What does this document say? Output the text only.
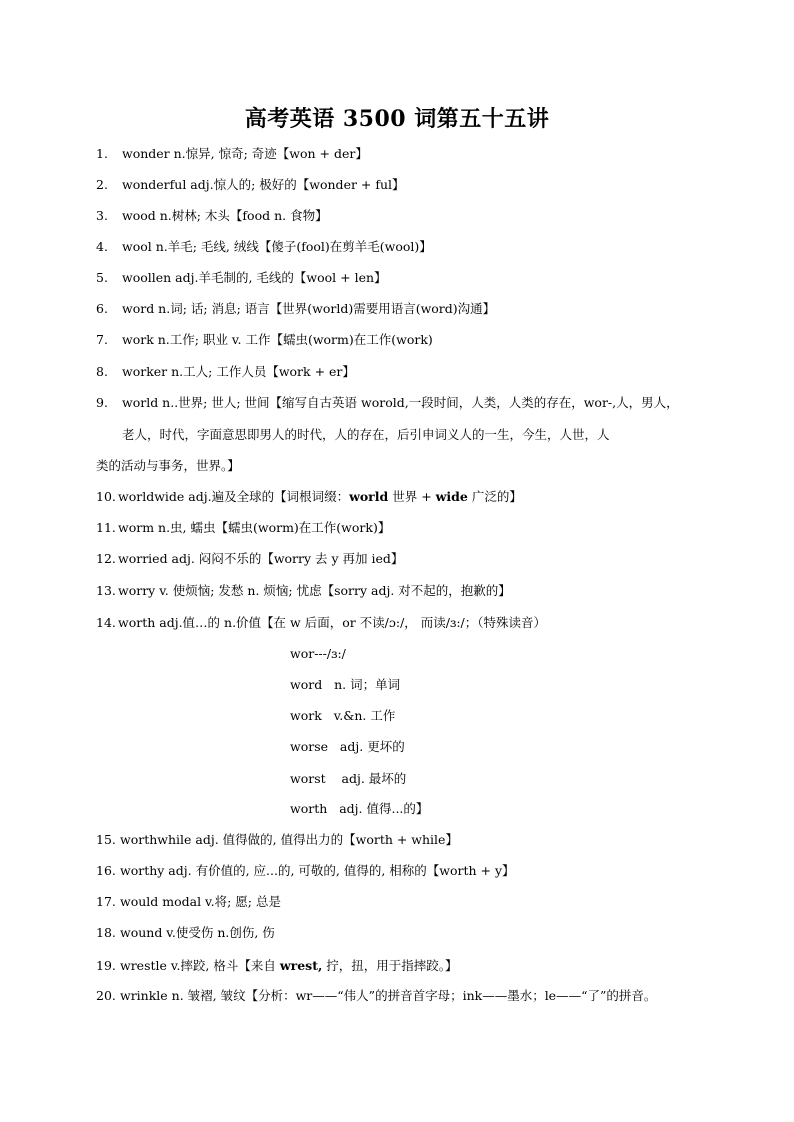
高考英语 3500 词第五十五讲
1. wonder n.惊异, 惊奇; 奇迹【won + der】
2. wonderful adj.惊人的; 极好的【wonder + ful】
3. wood n.树林; 木头【food n. 食物】
4. wool n.羊毛; 毛线, 绒线【傻子(fool)在剪羊毛(wool)】
5. woollen adj.羊毛制的, 毛线的【wool + len】
6. word n.词; 话; 消息; 语言【世界(world)需要用语言(word)沟通】
7. work n.工作; 职业 v. 工作【蠕虫(worm)在工作(work)
8. worker n.工人; 工作人员【work + er】
9. world n..世界; 世人; 世间【缩写自古英语 worold,一段时间，人类，人类的存在，wor-,人，男人，
老人，时代，字面意思即男人的时代，人的存在，后引申词义人的一生，今生，人世，人
类的活动与事务，世界。】
10. worldwide adj.遍及全球的【词根词缀：world 世界 + wide 广泛的】
11. worm n.虫, 蠕虫【蠕虫(worm)在工作(work)】
12. worried adj. 闷闷不乐的【worry 去 y 再加 ied】
13. worry v. 使烦恼; 发愁 n. 烦恼; 忧虑【sorry adj. 对不起的，抱歉的】
14. worth adj.值…的 n.价值【在 w 后面，or 不读/ɔ:/， 而读/ɜ:/；（特殊读音）
wor---/ɜ:/
word   n. 词；单词
work   v.&n. 工作
worse   adj. 更坏的
worst    adj. 最坏的
worth   adj. 值得...的】
15. worthwhile adj. 值得做的, 值得出力的【worth + while】
16. worthy adj. 有价值的, 应...的, 可敬的, 值得的, 相称的【worth + y】
17. would modal v.将; 愿; 总是
18. wound v.使受伤 n.创伤, 伤
19. wrestle v.摔跤, 格斗【来自 wrest, 拧，扭，用于指摔跤。】
20. wrinkle n. 皱褶, 皱纹【分析：wr——“伟人”的拼音首字母；ink——墨水；le——“了”的拼音。
